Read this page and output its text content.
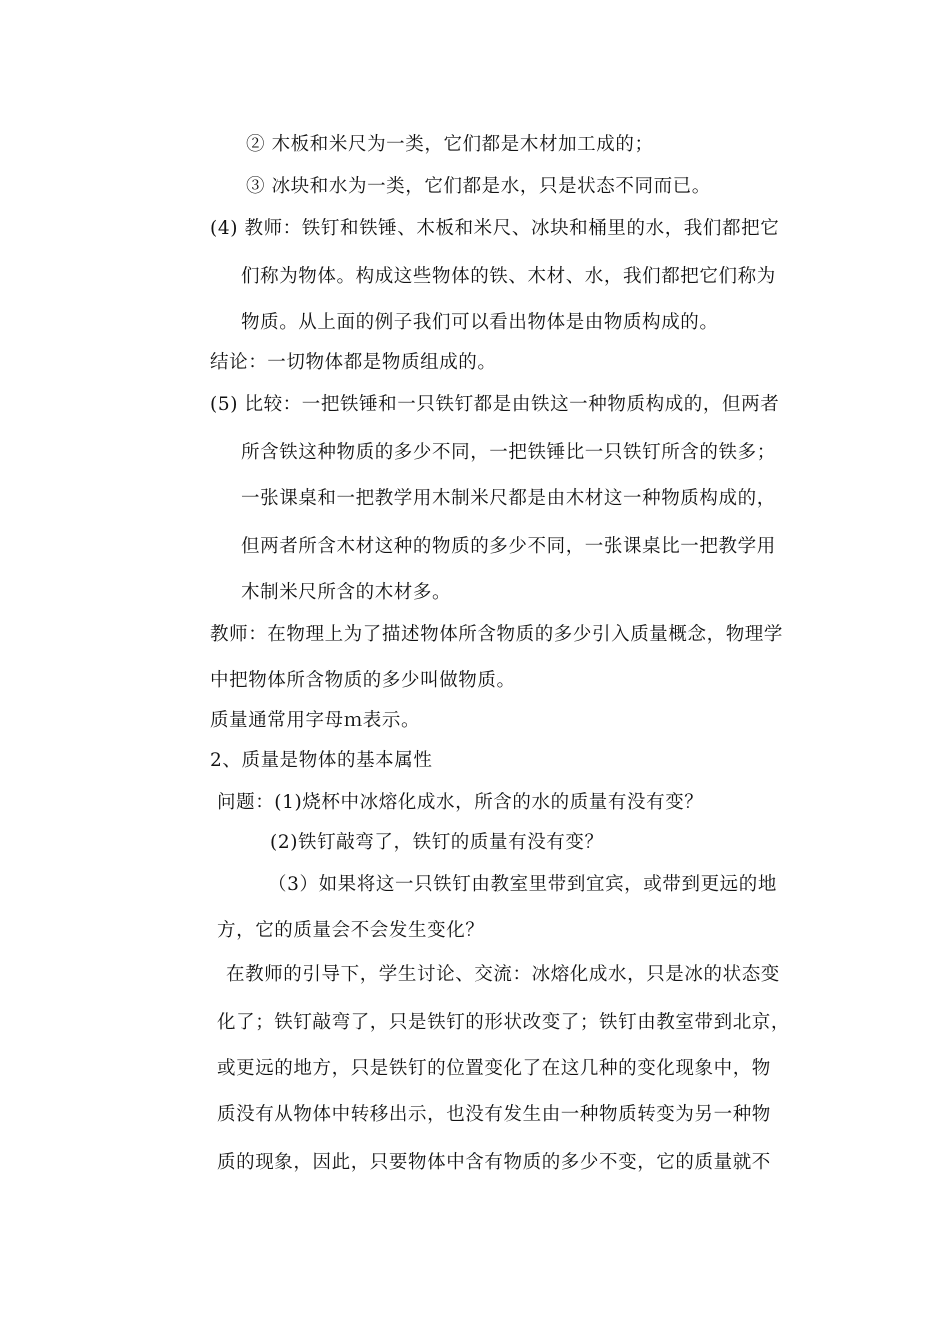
② 木板和米尺为一类，它们都是木材加工成的；
③ 冰块和水为一类，它们都是水，只是状态不同而已。
(4) 教师：铁钉和铁锤、木板和米尺、冰块和桶里的水，我们都把它
们称为物体。构成这些物体的铁、木材、水，我们都把它们称为
物质。从上面的例子我们可以看出物体是由物质构成的。
结论：一切物体都是物质组成的。
(5) 比较：一把铁锤和一只铁钉都是由铁这一种物质构成的，但两者
所含铁这种物质的多少不同，一把铁锤比一只铁钉所含的铁多；
一张课桌和一把教学用木制米尺都是由木材这一种物质构成的，
但两者所含木材这种的物质的多少不同，一张课桌比一把教学用
木制米尺所含的木材多。
教师：在物理上为了描述物体所含物质的多少引入质量概念，物理学
中把物体所含物质的多少叫做物质。
质量通常用字母ｍ表示。
2、质量是物体的基本属性
问题：(1)烧杯中冰熔化成水，所含的水的质量有没有变？
(2)铁钉敲弯了，铁钉的质量有没有变？
（3）如果将这一只铁钉由教室里带到宜宾，或带到更远的地
方，它的质量会不会发生变化？
在教师的引导下，学生讨论、交流：冰熔化成水，只是冰的状态变
化了；铁钉敲弯了，只是铁钉的形状改变了；铁钉由教室带到北京，
或更远的地方，只是铁钉的位置变化了在这几种的变化现象中，物
质没有从物体中转移出示，也没有发生由一种物质转变为另一种物
质的现象，因此，只要物体中含有物质的多少不变，它的质量就不
